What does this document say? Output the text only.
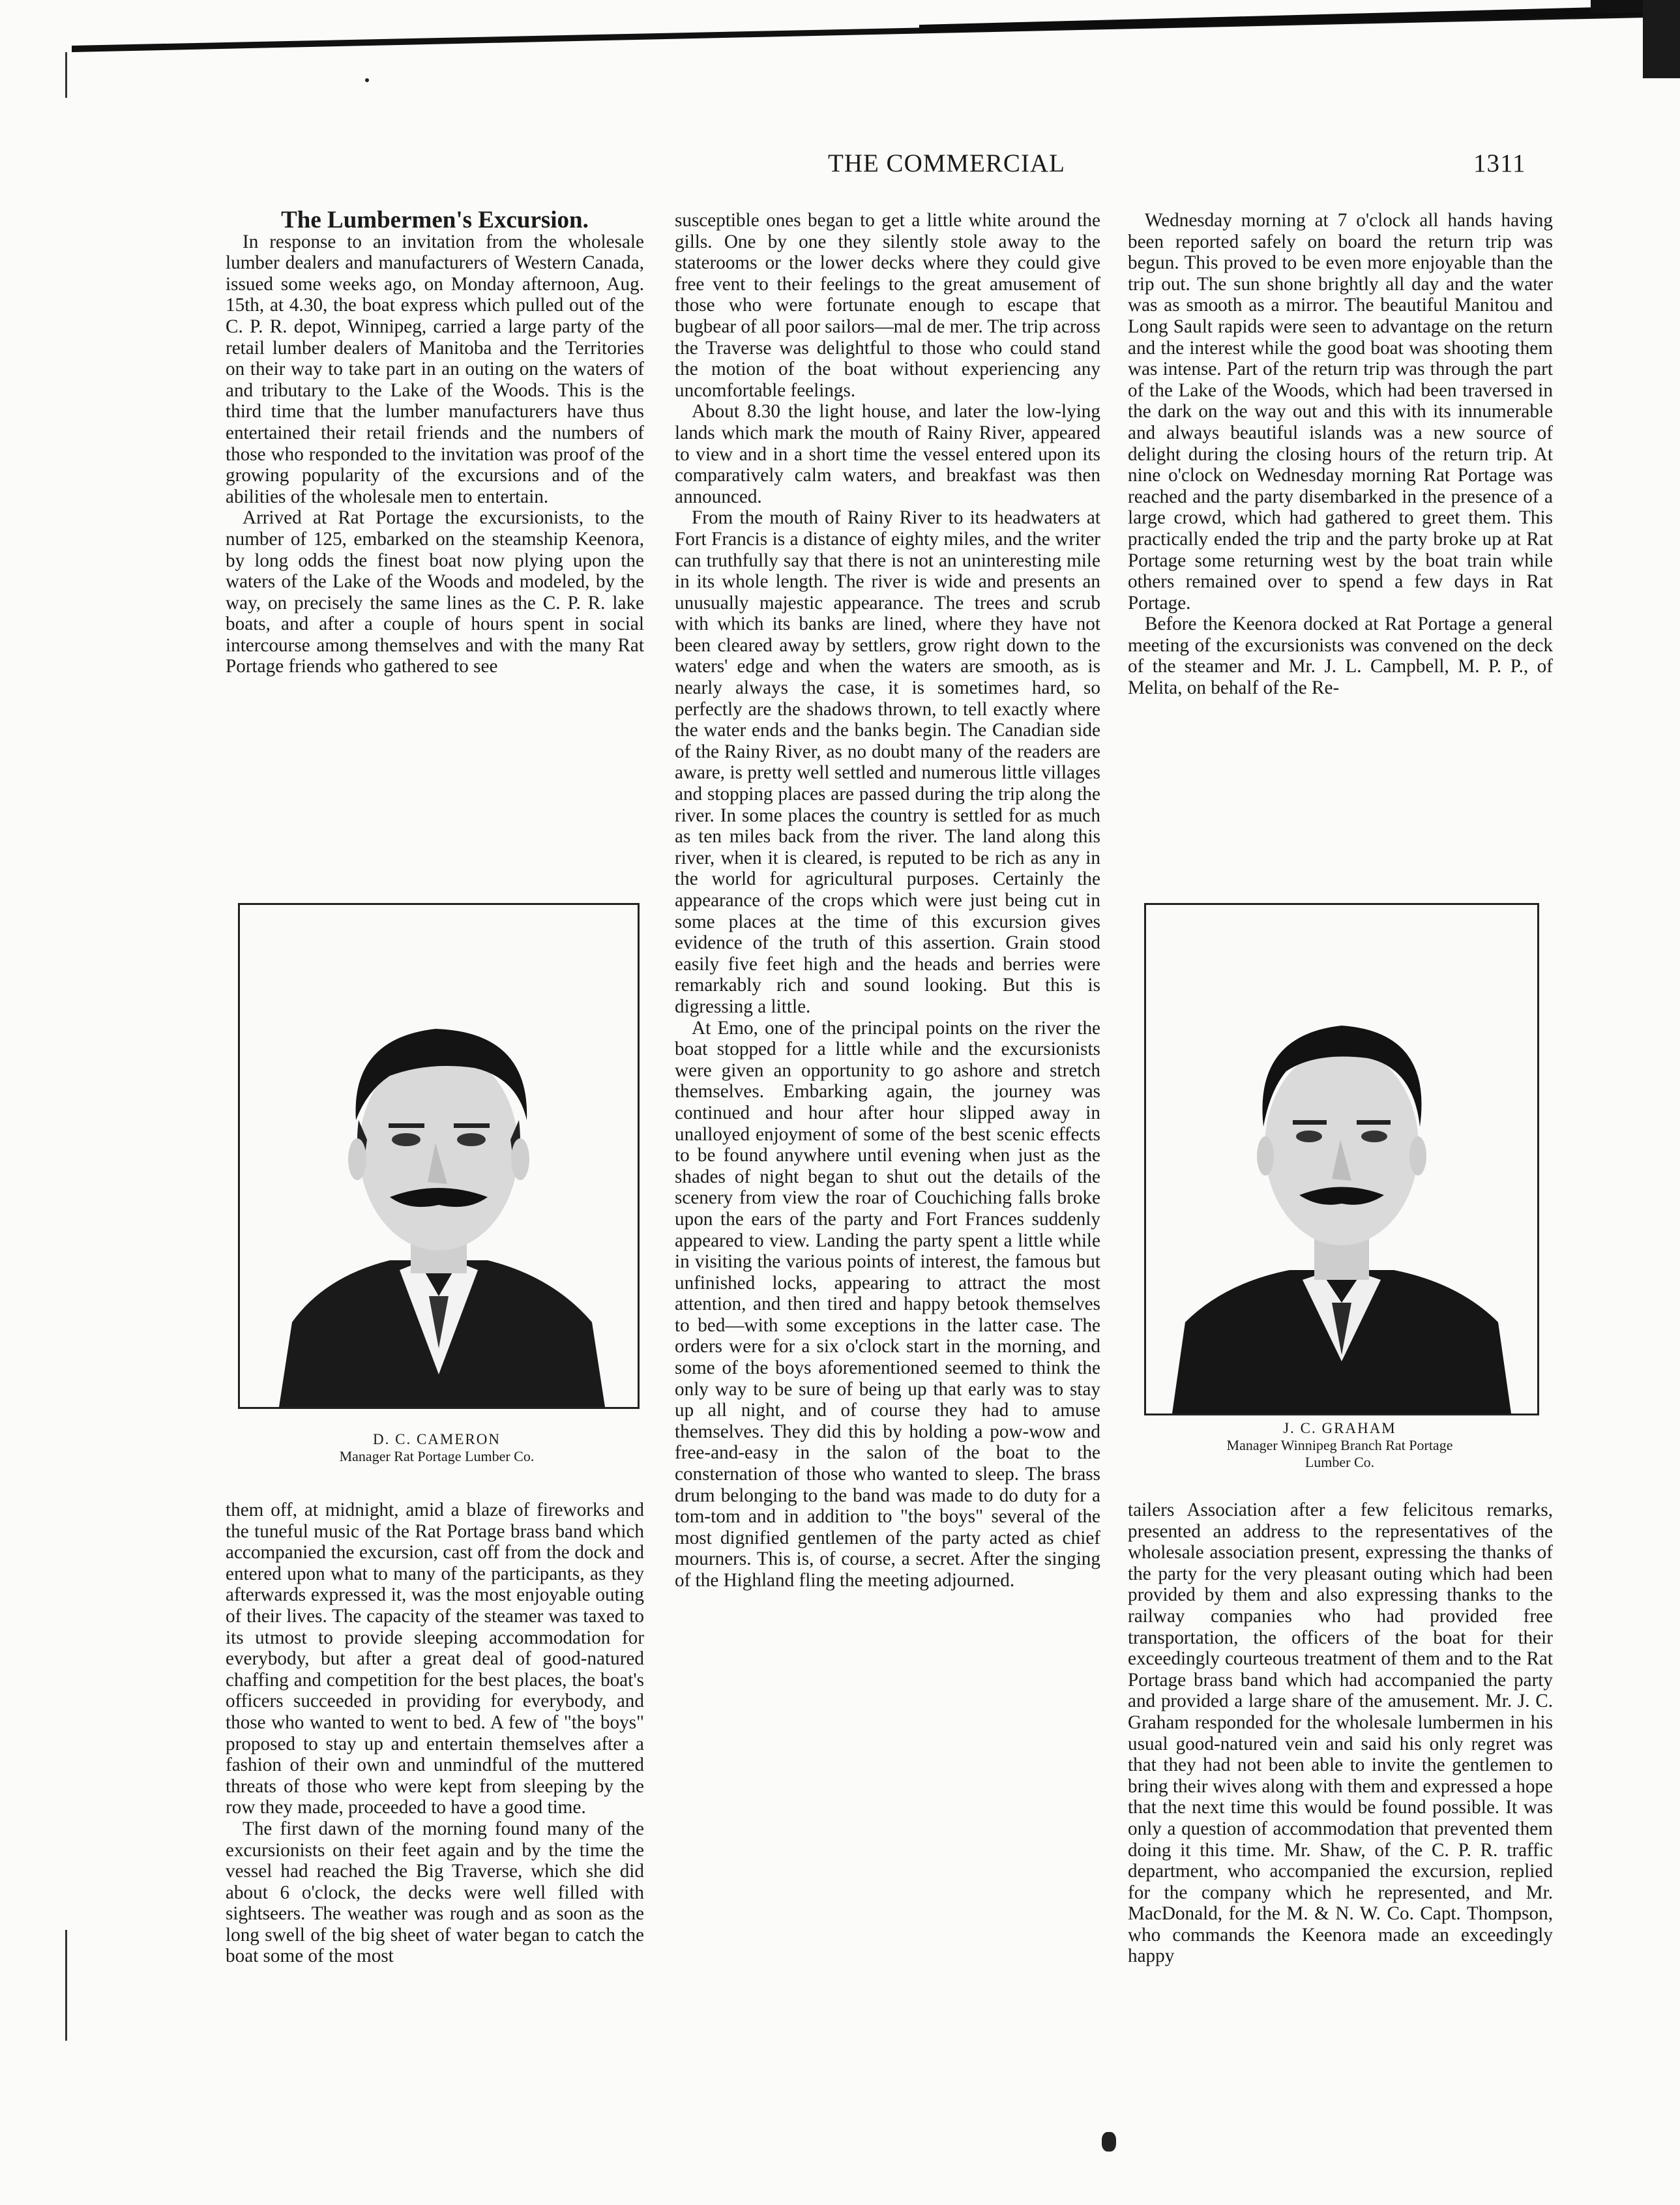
THE COMMERCIAL	1311

The Lumbermen's Excursion.

In response to an invitation from the wholesale lumber dealers and manufacturers of Western Canada, issued some weeks ago, on Monday afternoon, Aug. 15th, at 4.30, the boat express which pulled out of the C. P. R. depot, Winnipeg, carried a large party of the retail lumber dealers of Manitoba and the Territories on their way to take part in an outing on the waters of and tributary to the Lake of the Woods. This is the third time that the lumber manufacturers have thus entertained their retail friends and the numbers of those who responded to the invitation was proof of the growing popularity of the excursions and of the abilities of the wholesale men to entertain.

Arrived at Rat Portage the excursionists, to the number of 125, embarked on the steamship Keenora, by long odds the finest boat now plying upon the waters of the Lake of the Woods and modeled, by the way, on precisely the same lines as the C. P. R. lake boats, and after a couple of hours spent in social intercourse among themselves and with the many Rat Portage friends who gathered to see

D. C. CAMERON
Manager Rat Portage Lumber Co.

them off, at midnight, amid a blaze of fireworks and the tuneful music of the Rat Portage brass band which accompanied the excursion, cast off from the dock and entered upon what to many of the participants, as they afterwards expressed it, was the most enjoyable outing of their lives. The capacity of the steamer was taxed to its utmost to provide sleeping accommodation for everybody, but after a great deal of good-natured chaffing and competition for the best places, the boat's officers succeeded in providing for everybody, and those who wanted to went to bed. A few of "the boys" proposed to stay up and entertain themselves after a fashion of their own and unmindful of the muttered threats of those who were kept from sleeping by the row they made, proceeded to have a good time.

The first dawn of the morning found many of the excursionists on their feet again and by the time the vessel had reached the Big Traverse, which she did about 6 o'clock, the decks were well filled with sightseers. The weather was rough and as soon as the long swell of the big sheet of water began to catch the boat some of the most

susceptible ones began to get a little white around the gills. One by one they silently stole away to the staterooms or the lower decks where they could give free vent to their feelings to the great amusement of those who were fortunate enough to escape that bugbear of all poor sailors—mal de mer. The trip across the Traverse was delightful to those who could stand the motion of the boat without experiencing any uncomfortable feelings.

About 8.30 the light house, and later the low-lying lands which mark the mouth of Rainy River, appeared to view and in a short time the vessel entered upon its comparatively calm waters, and breakfast was then announced.

From the mouth of Rainy River to its headwaters at Fort Francis is a distance of eighty miles, and the writer can truthfully say that there is not an uninteresting mile in its whole length. The river is wide and presents an unusually majestic appearance. The trees and scrub with which its banks are lined, where they have not been cleared away by settlers, grow right down to the waters' edge and when the waters are smooth, as is nearly always the case, it is sometimes hard, so perfectly are the shadows thrown, to tell exactly where the water ends and the banks begin. The Canadian side of the Rainy River, as no doubt many of the readers are aware, is pretty well settled and numerous little villages and stopping places are passed during the trip along the river. In some places the country is settled for as much as ten miles back from the river. The land along this river, when it is cleared, is reputed to be rich as any in the world for agricultural purposes. Certainly the appearance of the crops which were just being cut in some places at the time of this excursion gives evidence of the truth of this assertion. Grain stood easily five feet high and the heads and berries were remarkably rich and sound looking. But this is digressing a little.

At Emo, one of the principal points on the river the boat stopped for a little while and the excursionists were given an opportunity to go ashore and stretch themselves. Embarking again, the journey was continued and hour after hour slipped away in unalloyed enjoyment of some of the best scenic effects to be found anywhere until evening when just as the shades of night began to shut out the details of the scenery from view the roar of Couchiching falls broke upon the ears of the party and Fort Frances suddenly appeared to view. Landing the party spent a little while in visiting the various points of interest, the famous but unfinished locks, appearing to attract the most attention, and then tired and happy betook themselves to bed—with some exceptions in the latter case. The orders were for a six o'clock start in the morning, and some of the boys aforementioned seemed to think the only way to be sure of being up that early was to stay up all night, and of course they had to amuse themselves. They did this by holding a pow-wow and free-and-easy in the salon of the boat to the consternation of those who wanted to sleep. The brass drum belonging to the band was made to do duty for a tom-tom and in addition to "the boys" several of the most dignified gentlemen of the party acted as chief mourners. This is, of course, a secret. After the singing of the Highland fling the meeting adjourned.

Wednesday morning at 7 o'clock all hands having been reported safely on board the return trip was begun. This proved to be even more enjoyable than the trip out. The sun shone brightly all day and the water was as smooth as a mirror. The beautiful Manitou and Long Sault rapids were seen to advantage on the return and the interest while the good boat was shooting them was intense. Part of the return trip was through the part of the Lake of the Woods, which had been traversed in the dark on the way out and this with its innumerable and always beautiful islands was a new source of delight during the closing hours of the return trip. At nine o'clock on Wednesday morning Rat Portage was reached and the party disembarked in the presence of a large crowd, which had gathered to greet them. This practically ended the trip and the party broke up at Rat Portage some returning west by the boat train while others remained over to spend a few days in Rat Portage.

Before the Keenora docked at Rat Portage a general meeting of the excursionists was convened on the deck of the steamer and Mr. J. L. Campbell, M. P. P., of Melita, on behalf of the Re-

J. C. GRAHAM
Manager Winnipeg Branch Rat Portage
Lumber Co.

tailers Association after a few felicitous remarks, presented an address to the representatives of the wholesale association present, expressing the thanks of the party for the very pleasant outing which had been provided by them and also expressing thanks to the railway companies who had provided free transportation, the officers of the boat for their exceedingly courteous treatment of them and to the Rat Portage brass band which had accompanied the party and provided a large share of the amusement. Mr. J. C. Graham responded for the wholesale lumbermen in his usual good-natured vein and said his only regret was that they had not been able to invite the gentlemen to bring their wives along with them and expressed a hope that the next time this would be found possible. It was only a question of accommodation that prevented them doing it this time. Mr. Shaw, of the C. P. R. traffic department, who accompanied the excursion, replied for the company which he represented, and Mr. MacDonald, for the M. & N. W. Co. Capt. Thompson, who commands the Keenora made an exceedingly happy
